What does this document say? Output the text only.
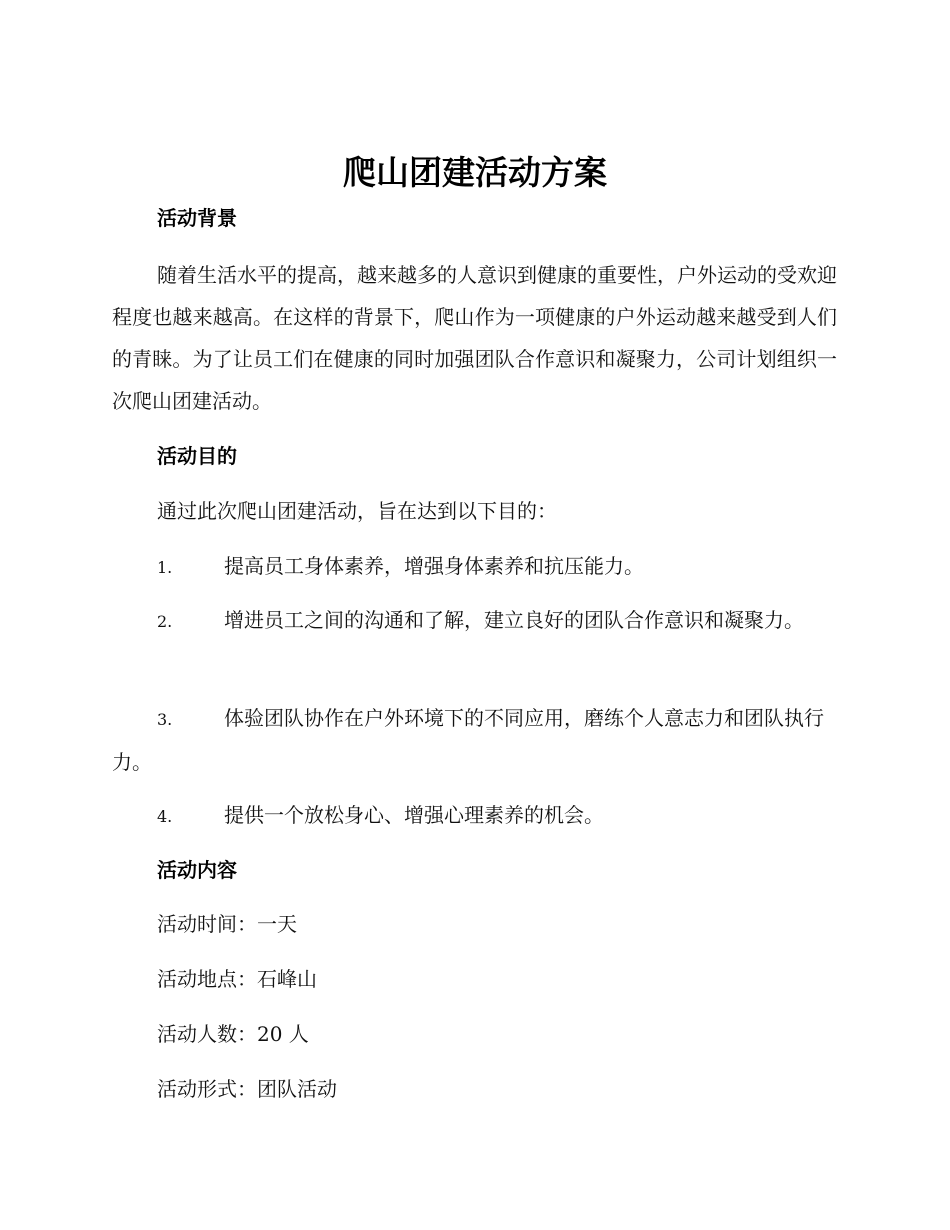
爬山团建活动方案
活动背景

随着生活水平的提高，越来越多的人意识到健康的重要性，户外运动的受欢迎程度也越来越高。在这样的背景下，爬山作为一项健康的户外运动越来越受到人们的青睐。为了让员工们在健康的同时加强团队合作意识和凝聚力，公司计划组织一次爬山团建活动。

活动目的

通过此次爬山团建活动，旨在达到以下目的：

1.	提高员工身体素养，增强身体素养和抗压能力。

2.	增进员工之间的沟通和了解，建立良好的团队合作意识和凝聚力。

3.	体验团队协作在户外环境下的不同应用，磨练个人意志力和团队执行力。

4.	提供一个放松身心、增强心理素养的机会。

活动内容

活动时间：一天

活动地点：石峰山

活动人数：20 人

活动形式：团队活动
